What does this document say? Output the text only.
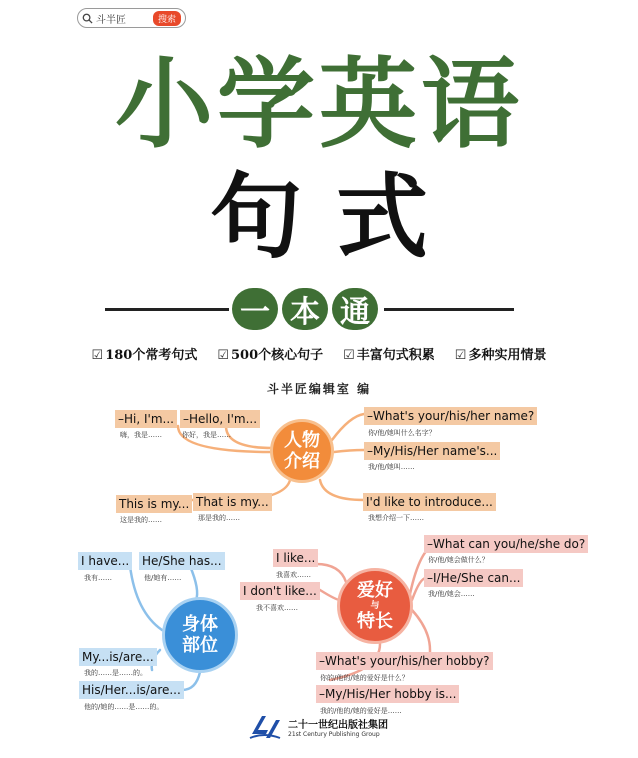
斗半匠	搜索
小学英语
句式
一 本 通
☑ 180个常考句式 ☑ 500个核心句子 ☑ 丰富句式积累 ☑ 多种实用情景
斗半匠编辑室 编
人物
介绍
–Hi, I'm...
嗨，我是……
–Hello, I'm...
你好，我是……
–What's your/his/her name?
你/他/她叫什么名字？
–My/His/Her name's...
我/他/她叫……
This is my...
这是我的……
That is my...
那是我的……
I'd like to introduce...
我想介绍一下……
身体
部位
I have...
我有……
He/She has...
他/她有……
My...is/are...
我的……是……的。
His/Her...is/are...
他的/她的……是……的。
爱好
与
特长
I like...
我喜欢……
I don't like...
我不喜欢……
–What can you/he/she do?
你/他/她会做什么？
–I/He/She can...
我/他/她会……
–What's your/his/her hobby?
你的/他的/她的爱好是什么？
–My/His/Her hobby is...
我的/他的/她的爱好是……
二十一世纪出版社集团
21st Century Publishing Group
